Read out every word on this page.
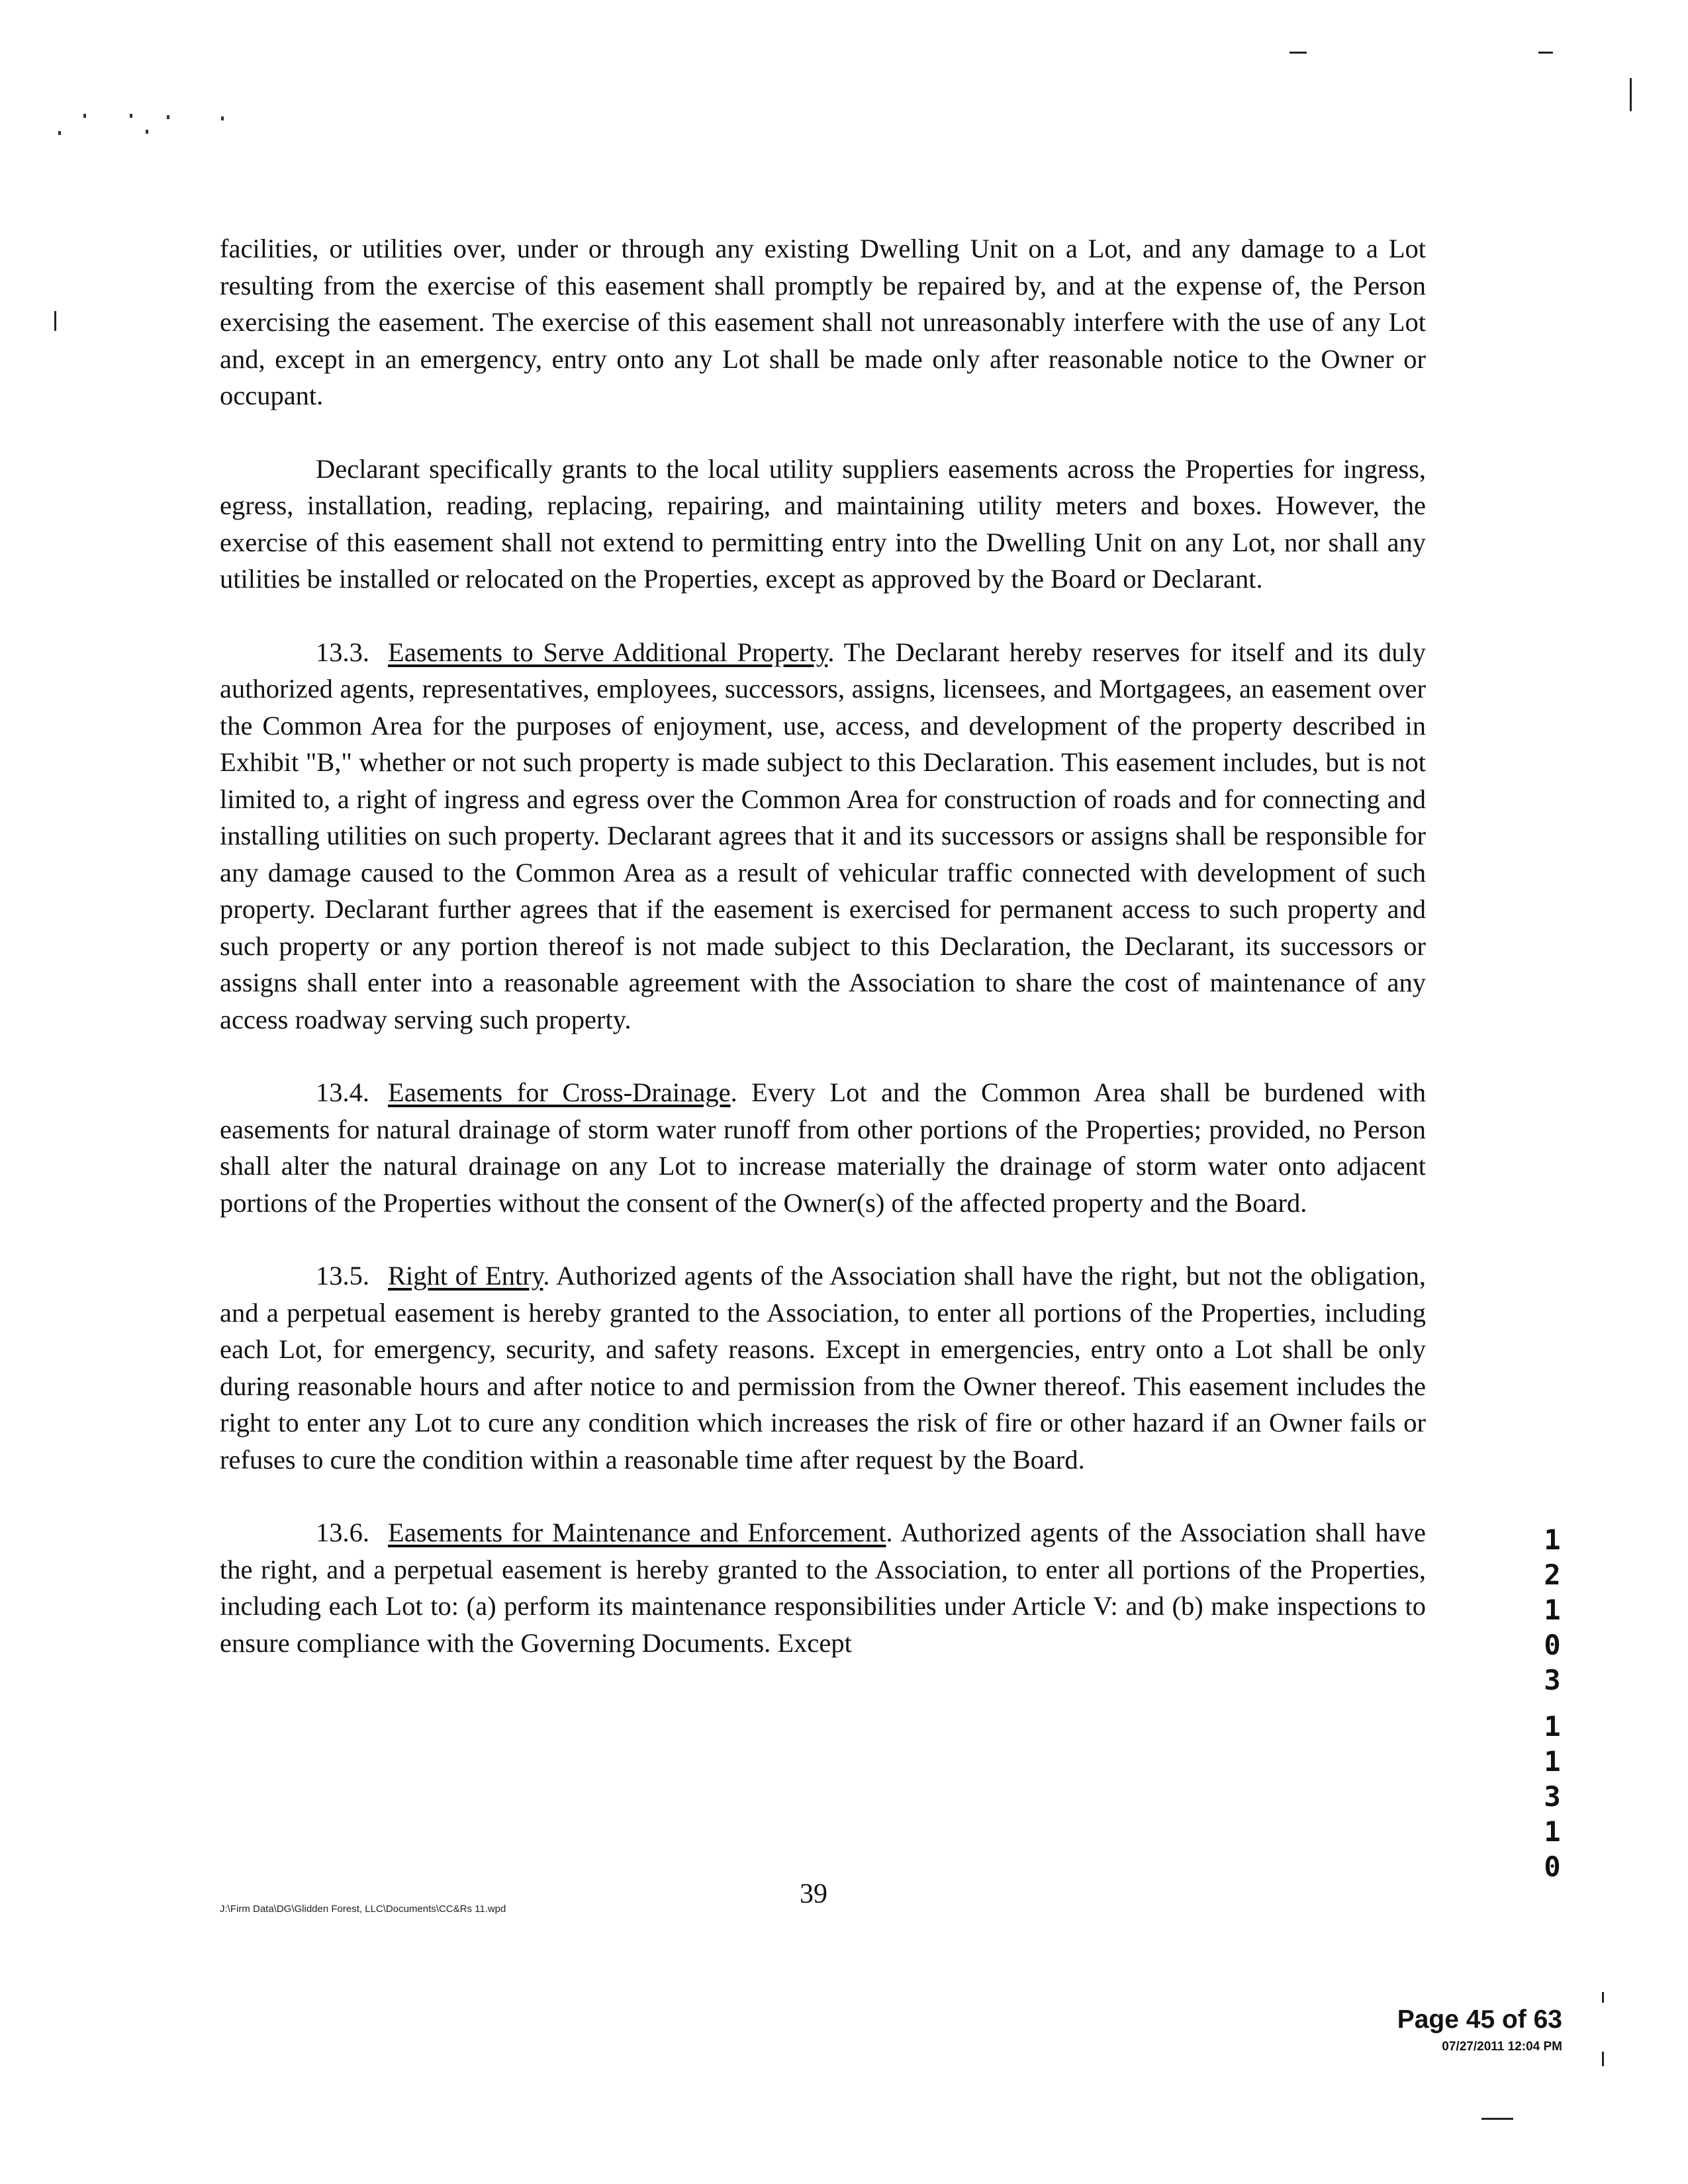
facilities, or utilities over, under or through any existing Dwelling Unit on a Lot, and any damage to a Lot resulting from the exercise of this easement shall promptly be repaired by, and at the expense of, the Person exercising the easement. The exercise of this easement shall not unreasonably interfere with the use of any Lot and, except in an emergency, entry onto any Lot shall be made only after reasonable notice to the Owner or occupant.

Declarant specifically grants to the local utility suppliers easements across the Properties for ingress, egress, installation, reading, replacing, repairing, and maintaining utility meters and boxes. However, the exercise of this easement shall not extend to permitting entry into the Dwelling Unit on any Lot, nor shall any utilities be installed or relocated on the Properties, except as approved by the Board or Declarant.

13.3. Easements to Serve Additional Property. The Declarant hereby reserves for itself and its duly authorized agents, representatives, employees, successors, assigns, licensees, and Mortgagees, an easement over the Common Area for the purposes of enjoyment, use, access, and development of the property described in Exhibit "B," whether or not such property is made subject to this Declaration. This easement includes, but is not limited to, a right of ingress and egress over the Common Area for construction of roads and for connecting and installing utilities on such property. Declarant agrees that it and its successors or assigns shall be responsible for any damage caused to the Common Area as a result of vehicular traffic connected with development of such property. Declarant further agrees that if the easement is exercised for permanent access to such property and such property or any portion thereof is not made subject to this Declaration, the Declarant, its successors or assigns shall enter into a reasonable agreement with the Association to share the cost of maintenance of any access roadway serving such property.

13.4. Easements for Cross-Drainage. Every Lot and the Common Area shall be burdened with easements for natural drainage of storm water runoff from other portions of the Properties; provided, no Person shall alter the natural drainage on any Lot to increase materially the drainage of storm water onto adjacent portions of the Properties without the consent of the Owner(s) of the affected property and the Board.

13.5. Right of Entry. Authorized agents of the Association shall have the right, but not the obligation, and a perpetual easement is hereby granted to the Association, to enter all portions of the Properties, including each Lot, for emergency, security, and safety reasons. Except in emergencies, entry onto a Lot shall be only during reasonable hours and after notice to and permission from the Owner thereof. This easement includes the right to enter any Lot to cure any condition which increases the risk of fire or other hazard if an Owner fails or refuses to cure the condition within a reasonable time after request by the Board.

13.6. Easements for Maintenance and Enforcement. Authorized agents of the Association shall have the right, and a perpetual easement is hereby granted to the Association, to enter all portions of the Properties, including each Lot to: (a) perform its maintenance responsibilities under Article V: and (b) make inspections to ensure compliance with the Governing Documents. Except

1
2
1
0
3
1
1
3
1
0
J:\Firm Data\DG\Glidden Forest, LLC\Documents\CC&Rs 11.wpd	39
Page 45 of 63
07/27/2011 12:04 PM
